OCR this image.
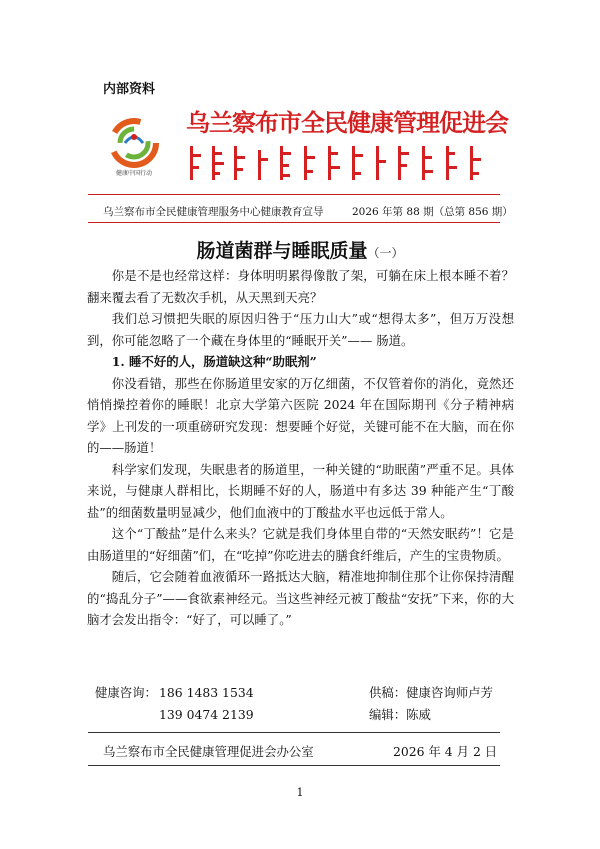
内部资料
健康中国行动
乌兰察布市全民健康管理促进会
乌兰察布市全民健康管理服务中心健康教育宣导	2026 年第 88 期（总第 856 期）
肠道菌群与睡眠质量（一）

你是不是也经常这样：身体明明累得像散了架，可躺在床上根本睡不着？翻来覆去看了无数次手机，从天黑到天亮？

我们总习惯把失眠的原因归咎于“压力山大”或“想得太多”，但万万没想到，你可能忽略了一个藏在身体里的“睡眠开关”—— 肠道。

1. 睡不好的人，肠道缺这种“助眠剂”

你没看错，那些在你肠道里安家的万亿细菌，不仅管着你的消化，竟然还悄悄操控着你的睡眠！北京大学第六医院 2024 年在国际期刊《分子精神病学》上刊发的一项重磅研究发现：想要睡个好觉，关键可能不在大脑，而在你的——肠道！

科学家们发现，失眠患者的肠道里，一种关键的“助眠菌”严重不足。具体来说，与健康人群相比，长期睡不好的人，肠道中有多达 39 种能产生“丁酸盐”的细菌数量明显减少，他们血液中的丁酸盐水平也远低于常人。

这个“丁酸盐”是什么来头？它就是我们身体里自带的“天然安眠药”！它是由肠道里的“好细菌”们，在“吃掉”你吃进去的膳食纤维后，产生的宝贵物质。

随后，它会随着血液循环一路抵达大脑，精准地抑制住那个让你保持清醒的“捣乱分子”——食欲素神经元。当这些神经元被丁酸盐“安抚”下来，你的大脑才会发出指令：“好了，可以睡了。”

健康咨询： 186 1483 1534	供稿：健康咨询师卢芳
139 0474 2139	编辑：陈威
乌兰察布市全民健康管理促进会办公室	2026 年 4 月 2 日
1
